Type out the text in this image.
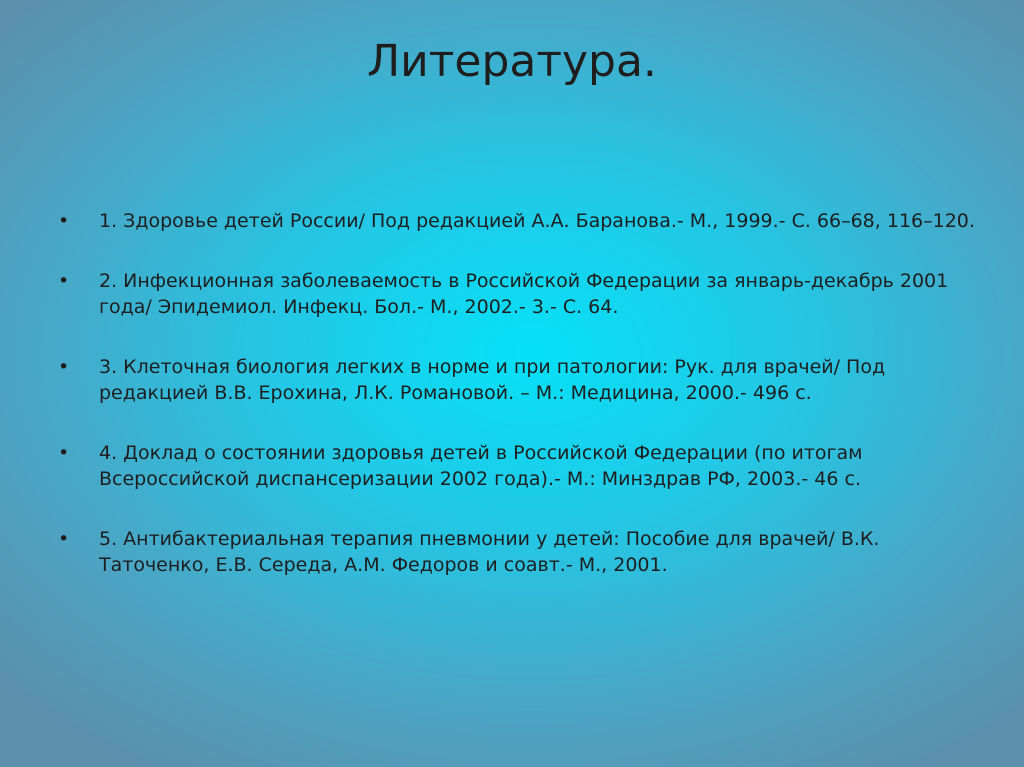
Литература.
• 1. Здоровье детей России/ Под редакцией А.А. Баранова.- М., 1999.- С. 66–68, 116–120.
• 2. Инфекционная заболеваемость в Российской Федерации за январь-декабрь 2001 года/ Эпидемиол. Инфекц. Бол.- М., 2002.- 3.- С. 64.
• 3. Клеточная биология легких в норме и при патологии: Рук. для врачей/ Под редакцией В.В. Ерохина, Л.К. Романовой. – М.: Медицина, 2000.- 496 с.
• 4. Доклад о состоянии здоровья детей в Российской Федерации (по итогам Всероссийской диспансеризации 2002 года).- М.: Минздрав РФ, 2003.- 46 с.
• 5. Антибактериальная терапия пневмонии у детей: Пособие для врачей/ В.К. Таточенко, Е.В. Середа, А.М. Федоров и соавт.- М., 2001.
